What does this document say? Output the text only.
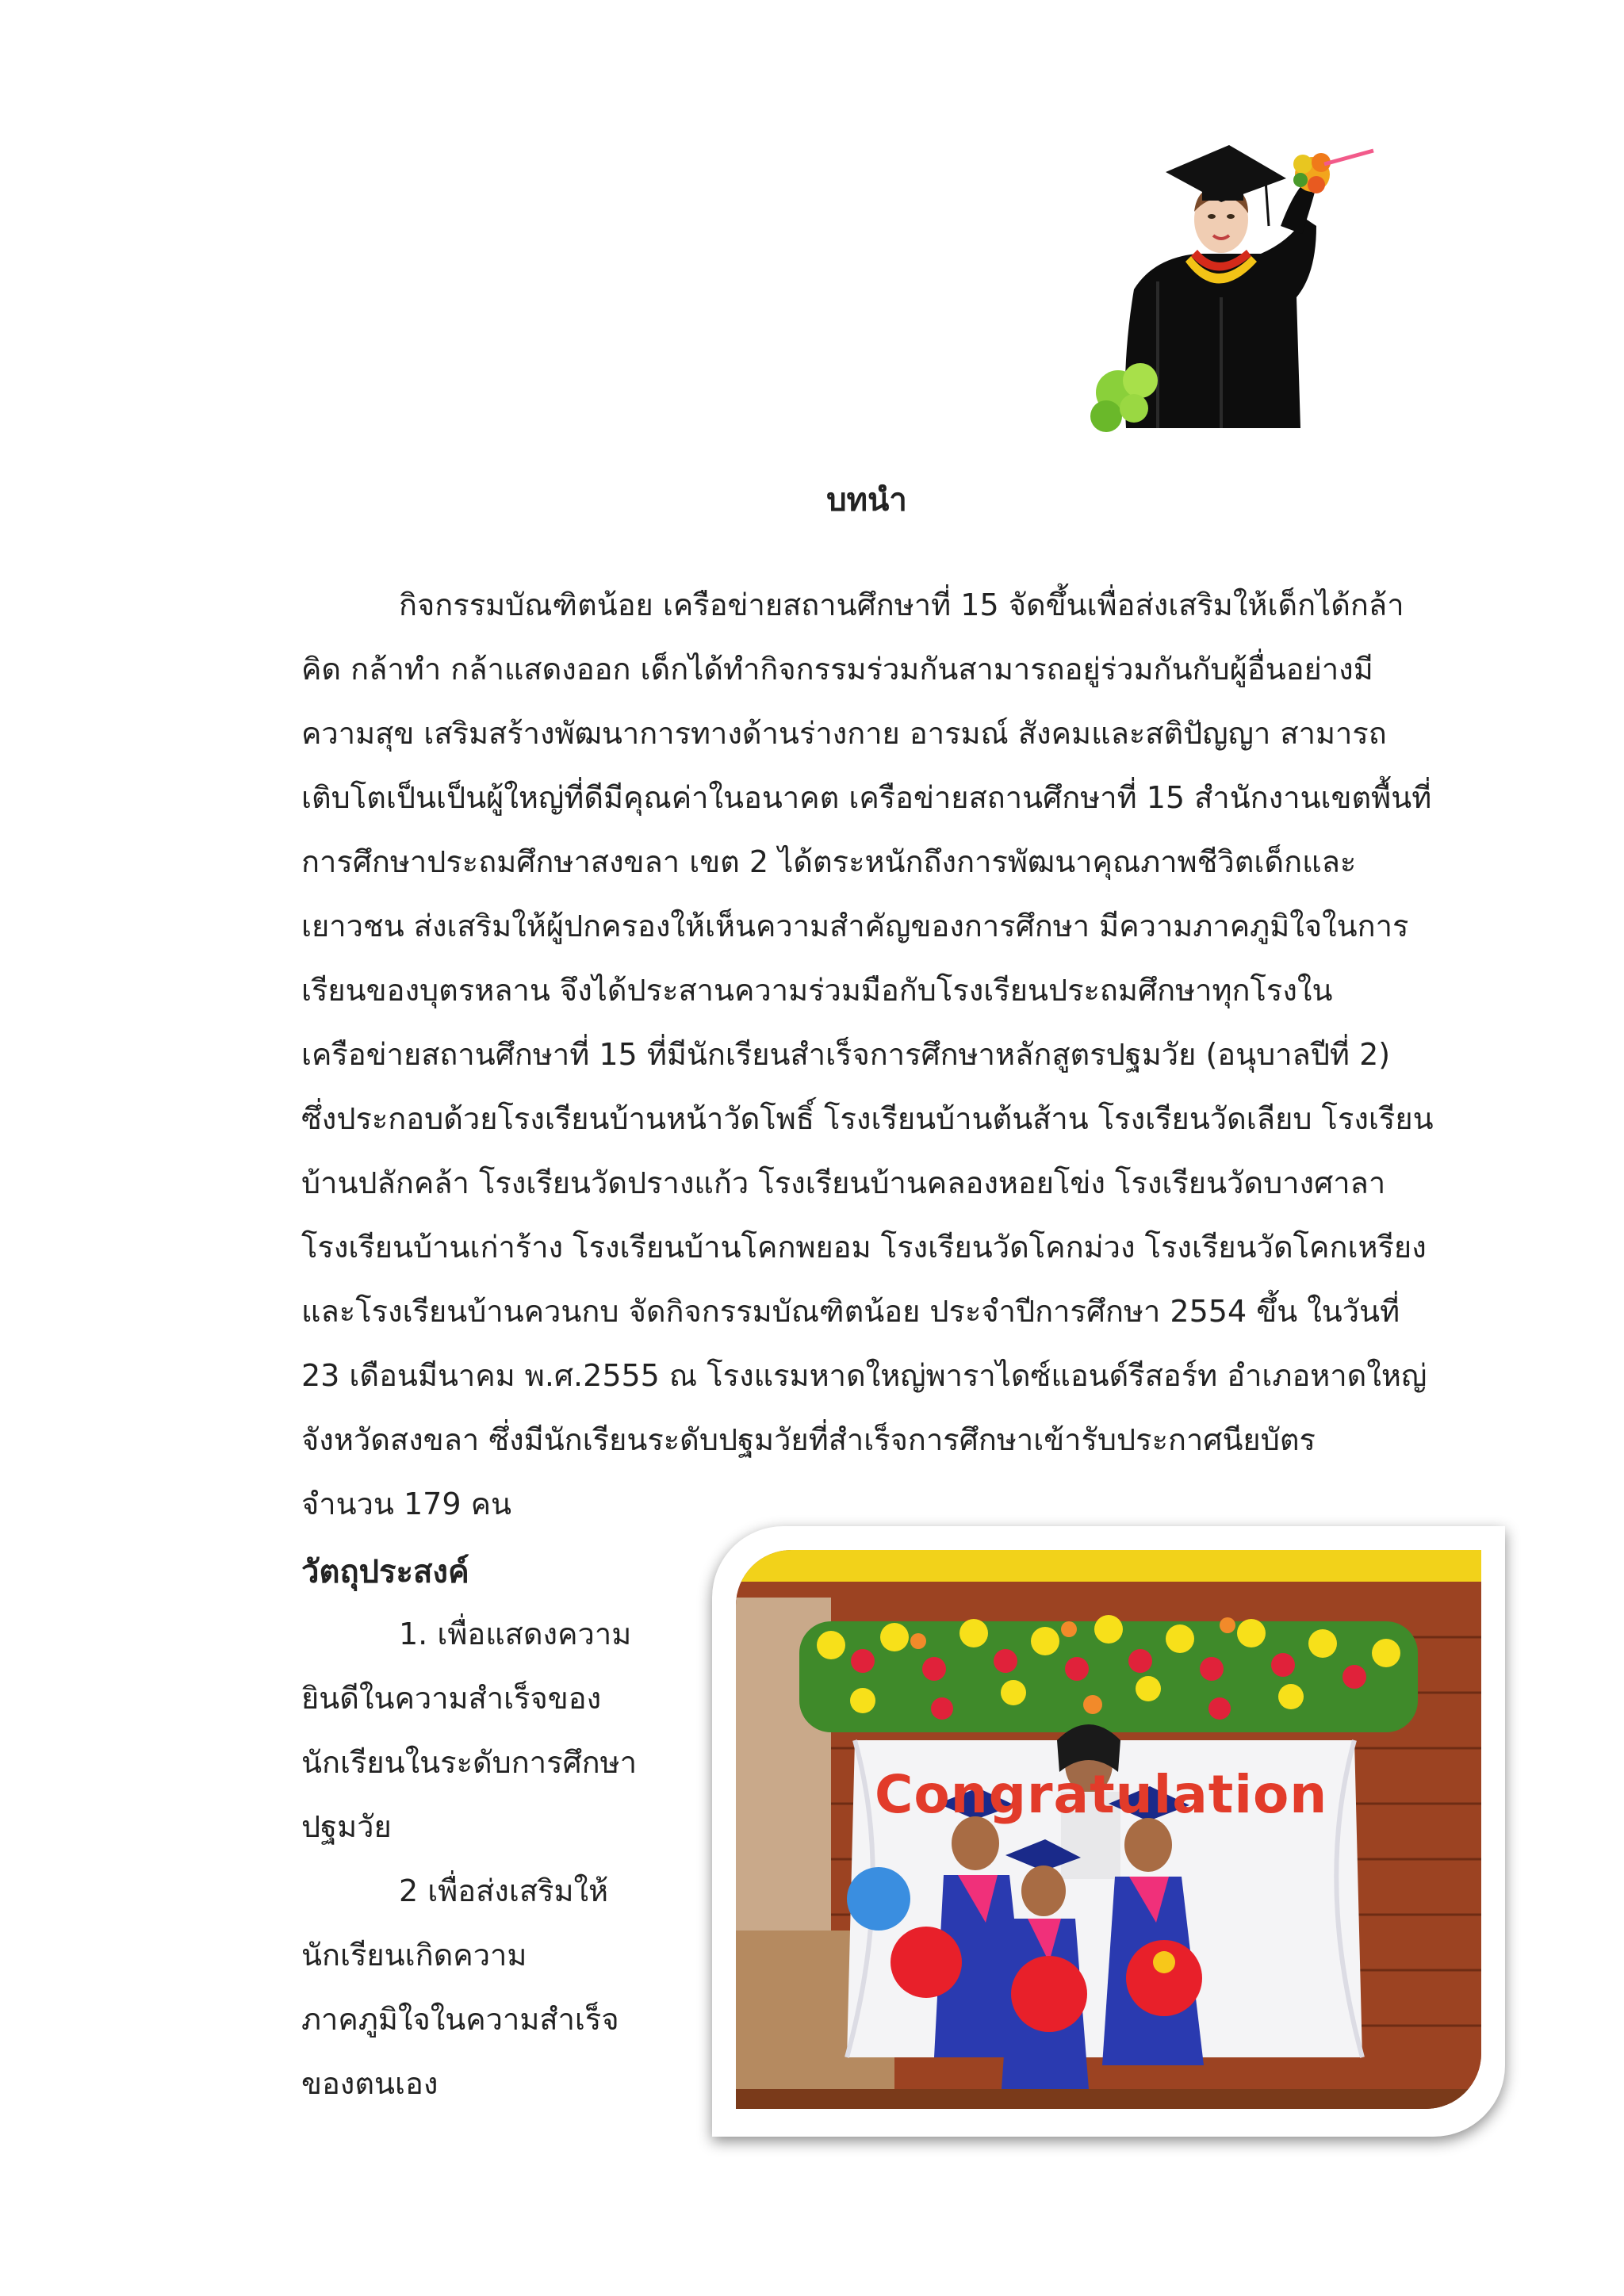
บทนำ
กิจกรรมบัณฑิตน้อย เครือข่ายสถานศึกษาที่ 15 จัดขึ้นเพื่อส่งเสริมให้เด็กได้กล้า
คิด กล้าทำ กล้าแสดงออก เด็กได้ทำกิจกรรมร่วมกันสามารถอยู่ร่วมกันกับผู้อื่นอย่างมี
ความสุข เสริมสร้างพัฒนาการทางด้านร่างกาย อารมณ์ สังคมและสติปัญญา สามารถ
เติบโตเป็นเป็นผู้ใหญ่ที่ดีมีคุณค่าในอนาคต เครือข่ายสถานศึกษาที่ 15 สำนักงานเขตพื้นที่
การศึกษาประถมศึกษาสงขลา เขต 2 ได้ตระหนักถึงการพัฒนาคุณภาพชีวิตเด็กและ
เยาวชน ส่งเสริมให้ผู้ปกครองให้เห็นความสำคัญของการศึกษา มีความภาคภูมิใจในการ
เรียนของบุตรหลาน จึงได้ประสานความร่วมมือกับโรงเรียนประถมศึกษาทุกโรงใน
เครือข่ายสถานศึกษาที่ 15 ที่มีนักเรียนสำเร็จการศึกษาหลักสูตรปฐมวัย (อนุบาลปีที่ 2)
ซึ่งประกอบด้วยโรงเรียนบ้านหน้าวัดโพธิ์ โรงเรียนบ้านต้นส้าน โรงเรียนวัดเลียบ โรงเรียน
บ้านปลักคล้า โรงเรียนวัดปรางแก้ว โรงเรียนบ้านคลองหอยโข่ง โรงเรียนวัดบางศาลา
โรงเรียนบ้านเก่าร้าง โรงเรียนบ้านโคกพยอม โรงเรียนวัดโคกม่วง โรงเรียนวัดโคกเหรียง
และโรงเรียนบ้านควนกบ จัดกิจกรรมบัณฑิตน้อย ประจำปีการศึกษา 2554 ขึ้น ในวันที่
23 เดือนมีนาคม พ.ศ.2555 ณ โรงแรมหาดใหญ่พาราไดซ์แอนด์รีสอร์ท อำเภอหาดใหญ่
จังหวัดสงขลา ซึ่งมีนักเรียนระดับปฐมวัยที่สำเร็จการศึกษาเข้ารับประกาศนียบัตร
จำนวน 179 คน
วัตถุประสงค์
1. เพื่อแสดงความ
ยินดีในความสำเร็จของ
นักเรียนในระดับการศึกษา
ปฐมวัย
2 เพื่อส่งเสริมให้
นักเรียนเกิดความ
ภาคภูมิใจในความสำเร็จ
ของตนเอง
Congratulation
